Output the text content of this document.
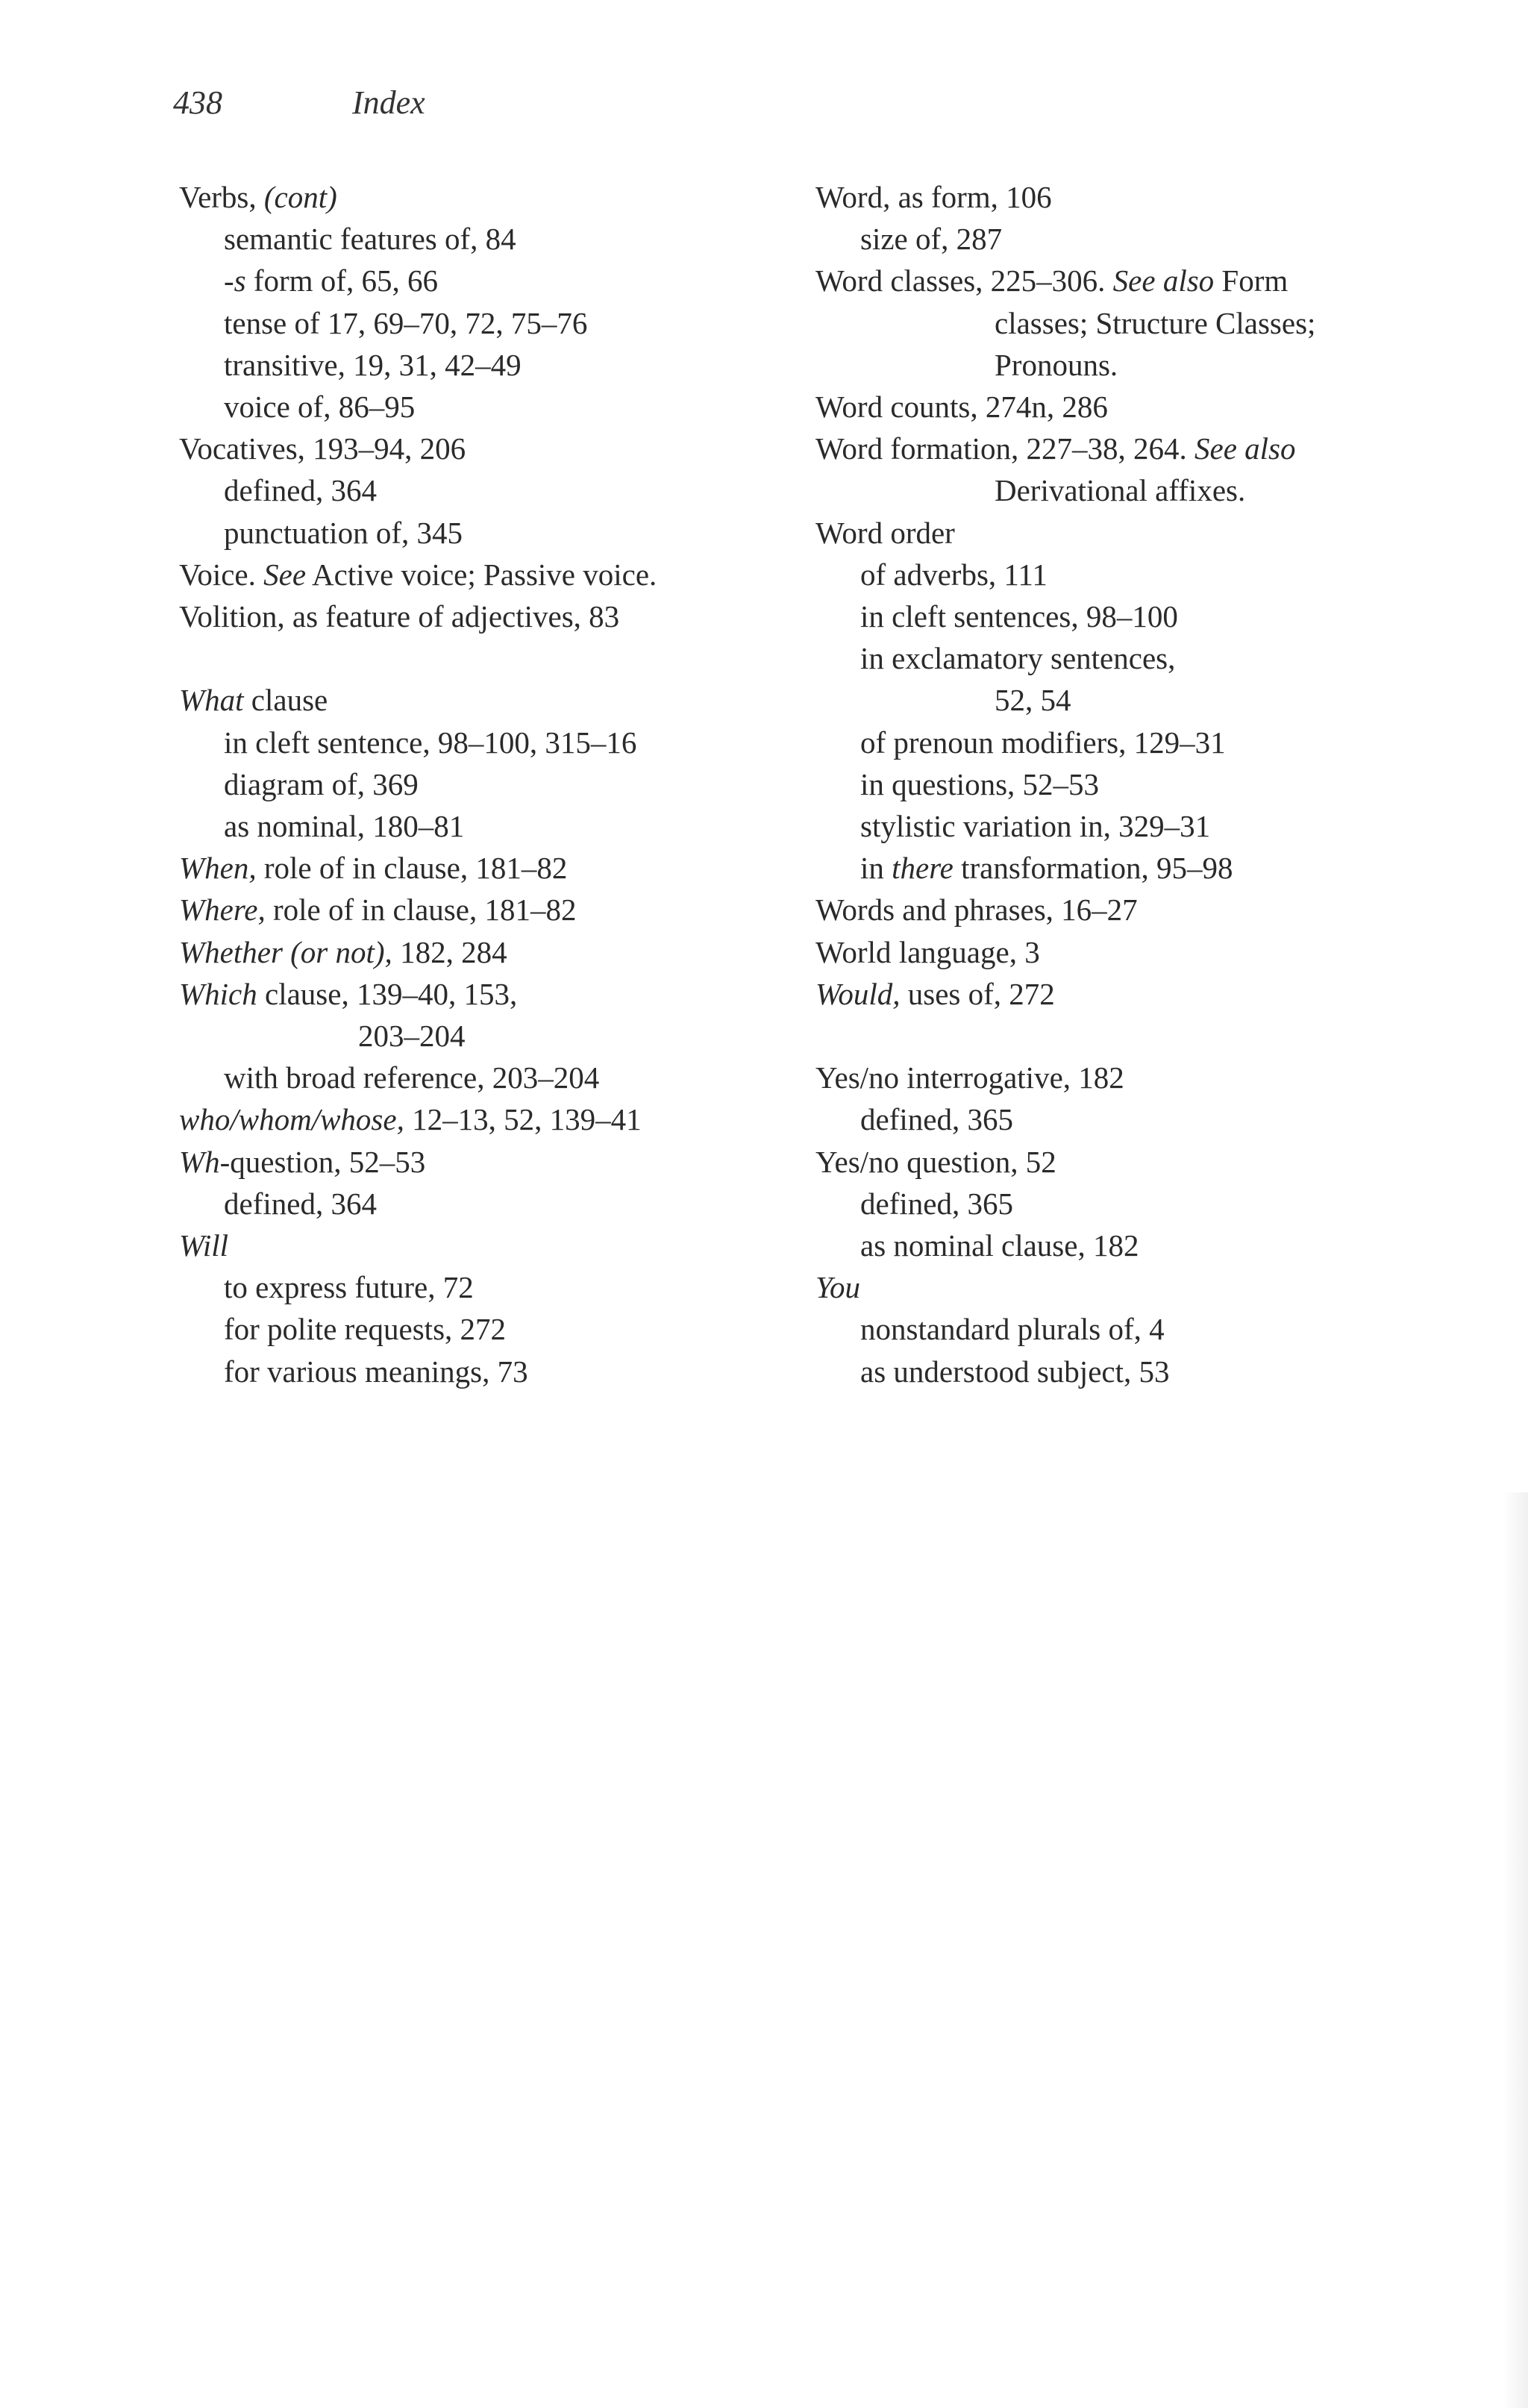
438	Index
Verbs, (cont)
semantic features of, 84
-s form of, 65, 66
tense of 17, 69–70, 72, 75–76
transitive, 19, 31, 42–49
voice of, 86–95
Vocatives, 193–94, 206
defined, 364
punctuation of, 345
Voice. See Active voice; Passive voice.
Volition, as feature of adjectives, 83
What clause
in cleft sentence, 98–100, 315–16
diagram of, 369
as nominal, 180–81
When, role of in clause, 181–82
Where, role of in clause, 181–82
Whether (or not), 182, 284
Which clause, 139–40, 153,
203–204
with broad reference, 203–204
who/whom/whose, 12–13, 52, 139–41
Wh-question, 52–53
defined, 364
Will
to express future, 72
for polite requests, 272
for various meanings, 73
Word, as form, 106
size of, 287
Word classes, 225–306. See also Form
classes; Structure Classes;
Pronouns.
Word counts, 274n, 286
Word formation, 227–38, 264. See also
Derivational affixes.
Word order
of adverbs, 111
in cleft sentences, 98–100
in exclamatory sentences,
52, 54
of prenoun modifiers, 129–31
in questions, 52–53
stylistic variation in, 329–31
in there transformation, 95–98
Words and phrases, 16–27
World language, 3
Would, uses of, 272
Yes/no interrogative, 182
defined, 365
Yes/no question, 52
defined, 365
as nominal clause, 182
You
nonstandard plurals of, 4
as understood subject, 53
